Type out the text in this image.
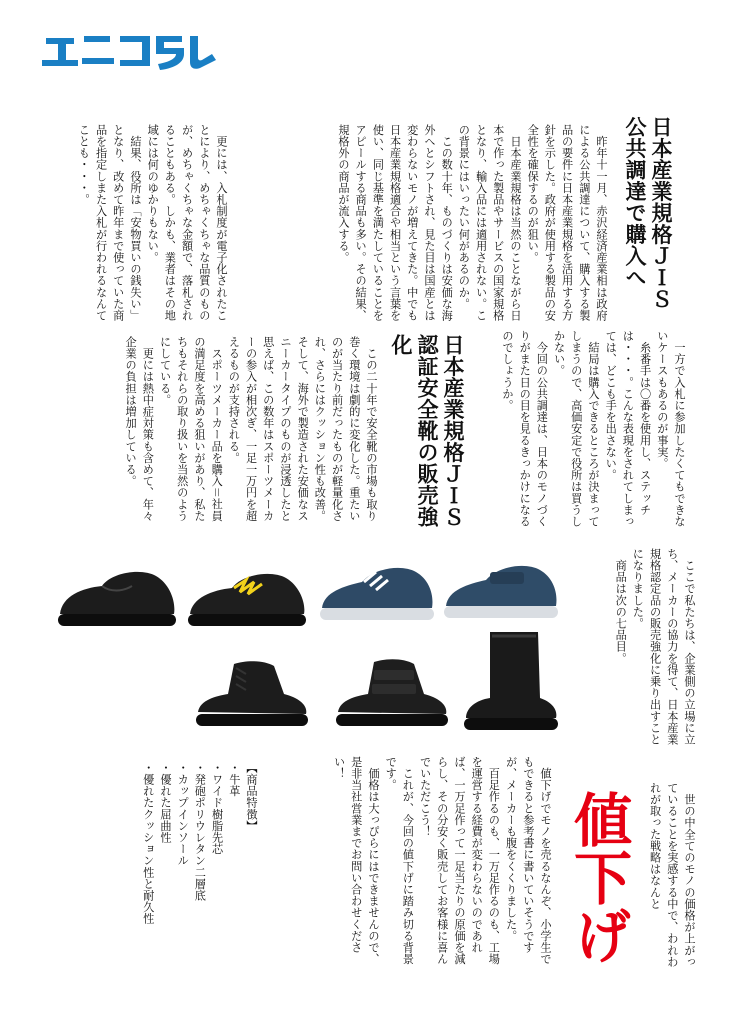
日本産業規格ＪＩＳ
公共調達で購入へ

　昨年十一月、赤沢経済産業相は政府による公共調達について、購入する製品の要件に日本産業規格を活用する方針を示した。政府が使用する製品の安全性を確保するのが狙い。

　日本産業規格は当然のことながら日本で作った製品やサービスの国家規格となり、輸入品には適用されない。この背景にはいったい何があるのか。

　この数十年、ものづくりは安価な海外へとシフトされ、見た目は国産とは変わらないモノが増えてきた。中でも日本産業規格適合や相当という言葉を使い、同じ基準を満たしていることをアピールする商品も多い。その結果、規格外の商品が流入する。

　更には、入札制度が電子化されたことにより、めちゃくちゃな品質のものが、めちゃくちゃな金額で、落札されることもある。しかも、業者はその地域には何のゆかりもない。

　結果、役所は「安物買いの銭失い」となり、改めて昨年まで使っていた商品を指定しまた入札が行われるなんてことも・・・。

　一方で入札に参加したくてもできないケースもあるのが事実。

　糸番手は〇番を使用し、ステッチは・・・。こんな表現をされてしまっては、どこも手を出さない。

　結局は購入できるところが決まってしまうので、高価安定で役所は買うしかない。

　今回の公共調達は、日本のモノづくりがまた日の目を見るきっかけになるのでしょうか。

日本産業規格ＪＩＳ
認証安全靴の販売強化

　この二十年で安全靴の市場も取り巻く環境は劇的に変化した。重たいのが当たり前だったものが軽量化され、さらにはクッション性も改善。そして、海外で製造された安価なスニーカータイプのものが浸透したと思えば、この数年はスポーツメーカーの参入が相次ぎ、一足一万円を超えるものが支持される。

　スポーツメーカー品を購入＝社員の満足度を高める狙いがあり、私たちもそれらの取り扱いを当然のようにしている。

　更には熱中症対策も含めて、年々企業の負担は増加している。

　ここで私たちは、企業側の立場に立ち、メーカーの協力を得て、日本産業規格認定品の販売強化に乗り出すことになりました。

　商品は次の七品目。

値下げ	　世の中全てのモノの価格が上がっていることを実感する中で、われわれが取った戦略はなんと

　値下げでモノを売るなんぞ、小学生でもできると参考書に書いていそうですが、メーカーも腹をくくりました。

　百足作るのも、一万足作るのも、工場を運営する経費が変わらないのであれば、一万足作って一足当たりの原価を減らし、その分安く販売してお客様に喜んでいただこう！

　これが、今回の値下げに踏み切る背景です。

　価格は大っぴらにはできませんので、是非当社営業までお問い合わせください！

【商品特徴】
・牛革
・ワイド樹脂先芯
・発砲ポリウレタン二層底
・カップインソール
・優れた屈曲性
・優れたクッション性と耐久性
